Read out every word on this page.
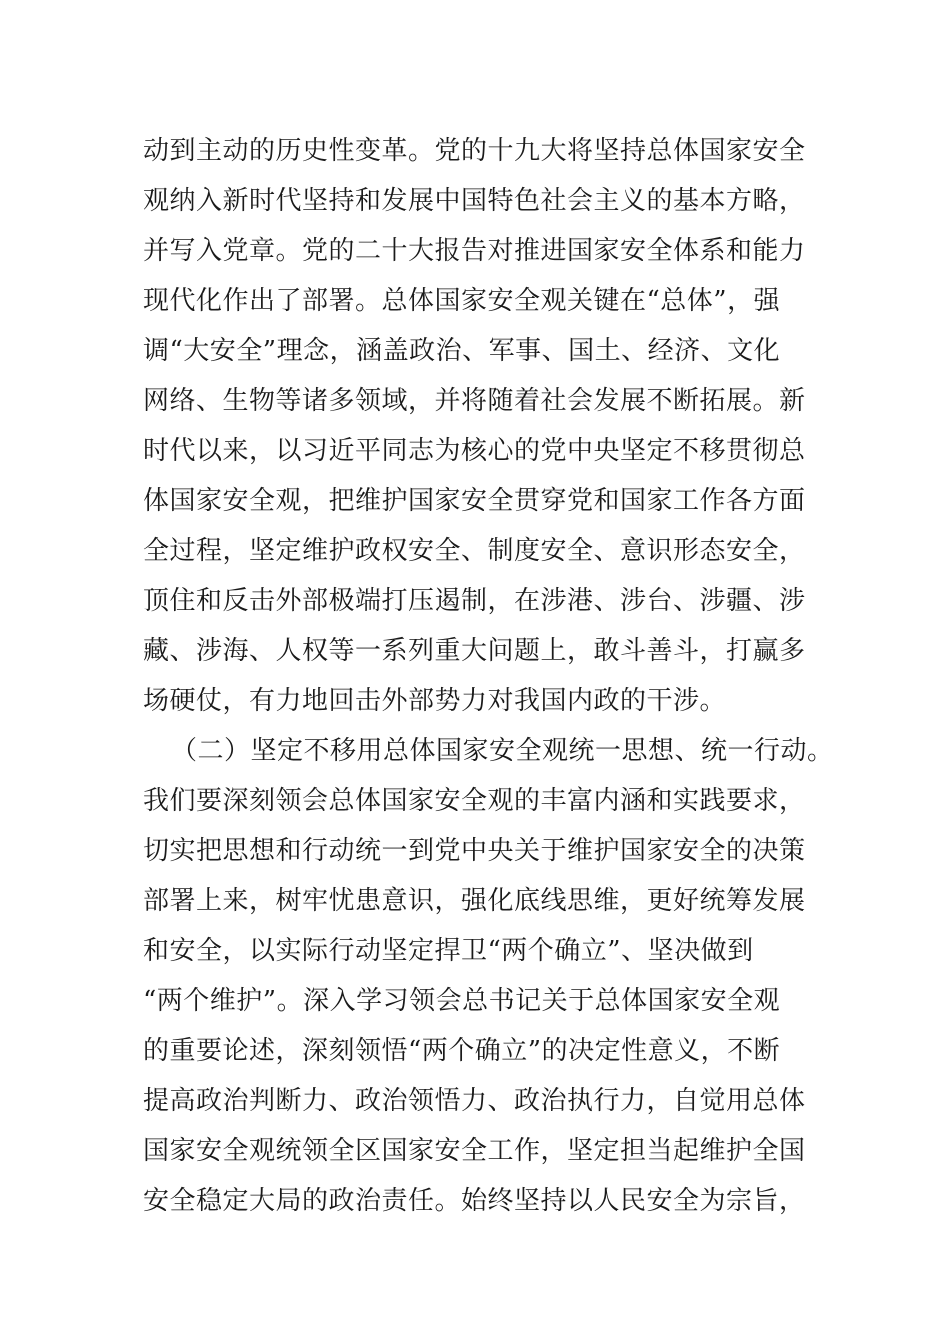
动到主动的历史性变革。党的十九大将坚持总体国家安全
观纳入新时代坚持和发展中国特色社会主义的基本方略，
并写入党章。党的二十大报告对推进国家安全体系和能力
现代化作出了部署。总体国家安全观关键在“总体”，强
调“大安全”理念，涵盖政治、军事、国土、经济、文化
网络、生物等诸多领域，并将随着社会发展不断拓展。新
时代以来，以习近平同志为核心的党中央坚定不移贯彻总
体国家安全观，把维护国家安全贯穿党和国家工作各方面
全过程，坚定维护政权安全、制度安全、意识形态安全，
顶住和反击外部极端打压遏制，在涉港、涉台、涉疆、涉
藏、涉海、人权等一系列重大问题上，敢斗善斗，打赢多
场硬仗，有力地回击外部势力对我国内政的干涉。
（二）坚定不移用总体国家安全观统一思想、统一行动。
我们要深刻领会总体国家安全观的丰富内涵和实践要求，
切实把思想和行动统一到党中央关于维护国家安全的决策
部署上来，树牢忧患意识，强化底线思维，更好统筹发展
和安全，以实际行动坚定捍卫“两个确立”、坚决做到
“两个维护”。深入学习领会总书记关于总体国家安全观
的重要论述，深刻领悟“两个确立”的决定性意义，不断
提高政治判断力、政治领悟力、政治执行力，自觉用总体
国家安全观统领全区国家安全工作，坚定担当起维护全国
安全稳定大局的政治责任。始终坚持以人民安全为宗旨，
